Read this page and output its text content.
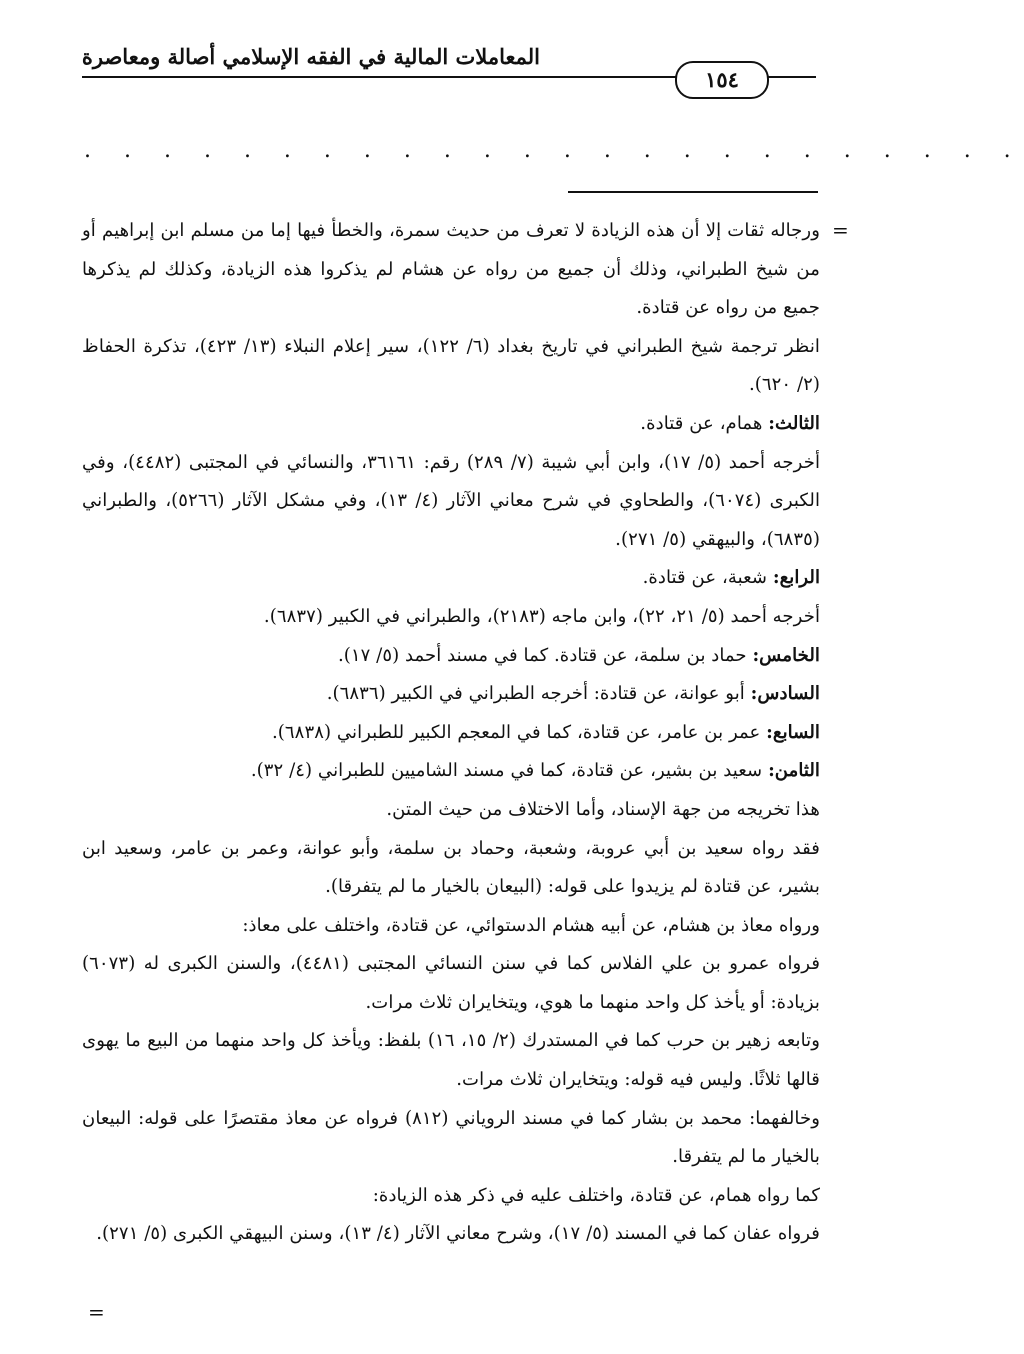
المعاملات المالية في الفقه الإسلامي أصالة ومعاصرة
١٥٤
. . . . . . . . . . . . . . . . . . . . . . . .
=
=

ورجاله ثقات إلا أن هذه الزيادة لا تعرف من حديث سمرة، والخطأ فيها إما من مسلم ابن إبراهيم أو من شيخ الطبراني، وذلك أن جميع من رواه عن هشام لم يذكروا هذه الزيادة، وكذلك لم يذكرها جميع من رواه عن قتادة.

انظر ترجمة شيخ الطبراني في تاريخ بغداد (٦/ ١٢٢)، سير إعلام النبلاء (١٣/ ٤٢٣)، تذكرة الحفاظ (٢/ ٦٢٠).

الثالث: همام، عن قتادة.

أخرجه أحمد (٥/ ١٧)، وابن أبي شيبة (٧/ ٢٨٩) رقم: ٣٦١٦١، والنسائي في المجتبى (٤٤٨٢)، وفي الكبرى (٦٠٧٤)، والطحاوي في شرح معاني الآثار (٤/ ١٣)، وفي مشكل الآثار (٥٢٦٦)، والطبراني (٦٨٣٥)، والبيهقي (٥/ ٢٧١).

الرابع: شعبة، عن قتادة.

أخرجه أحمد (٥/ ٢١، ٢٢)، وابن ماجه (٢١٨٣)، والطبراني في الكبير (٦٨٣٧).

الخامس: حماد بن سلمة، عن قتادة. كما في مسند أحمد (٥/ ١٧).

السادس: أبو عوانة، عن قتادة: أخرجه الطبراني في الكبير (٦٨٣٦).

السابع: عمر بن عامر، عن قتادة، كما في المعجم الكبير للطبراني (٦٨٣٨).

الثامن: سعيد بن بشير، عن قتادة، كما في مسند الشاميين للطبراني (٤/ ٣٢).

هذا تخريجه من جهة الإسناد، وأما الاختلاف من حيث المتن.

فقد رواه سعيد بن أبي عروبة، وشعبة، وحماد بن سلمة، وأبو عوانة، وعمر بن عامر، وسعيد ابن بشير، عن قتادة لم يزيدوا على قوله: (البيعان بالخيار ما لم يتفرقا).

ورواه معاذ بن هشام، عن أبيه هشام الدستوائي، عن قتادة، واختلف على معاذ:

فرواه عمرو بن علي الفلاس كما في سنن النسائي المجتبى (٤٤٨١)، والسنن الكبرى له (٦٠٧٣) بزيادة: أو يأخذ كل واحد منهما ما هوي، ويتخايران ثلاث مرات.

وتابعه زهير بن حرب كما في المستدرك (٢/ ١٥، ١٦) بلفظ: ويأخذ كل واحد منهما من البيع ما يهوى قالها ثلاثًا. وليس فيه قوله: ويتخايران ثلاث مرات.

وخالفهما: محمد بن بشار كما في مسند الروياني (٨١٢) فرواه عن معاذ مقتصرًا على قوله: البيعان بالخيار ما لم يتفرقا.

كما رواه همام، عن قتادة، واختلف عليه في ذكر هذه الزيادة:

فرواه عفان كما في المسند (٥/ ١٧)، وشرح معاني الآثار (٤/ ١٣)، وسنن البيهقي الكبرى (٥/ ٢٧١).
